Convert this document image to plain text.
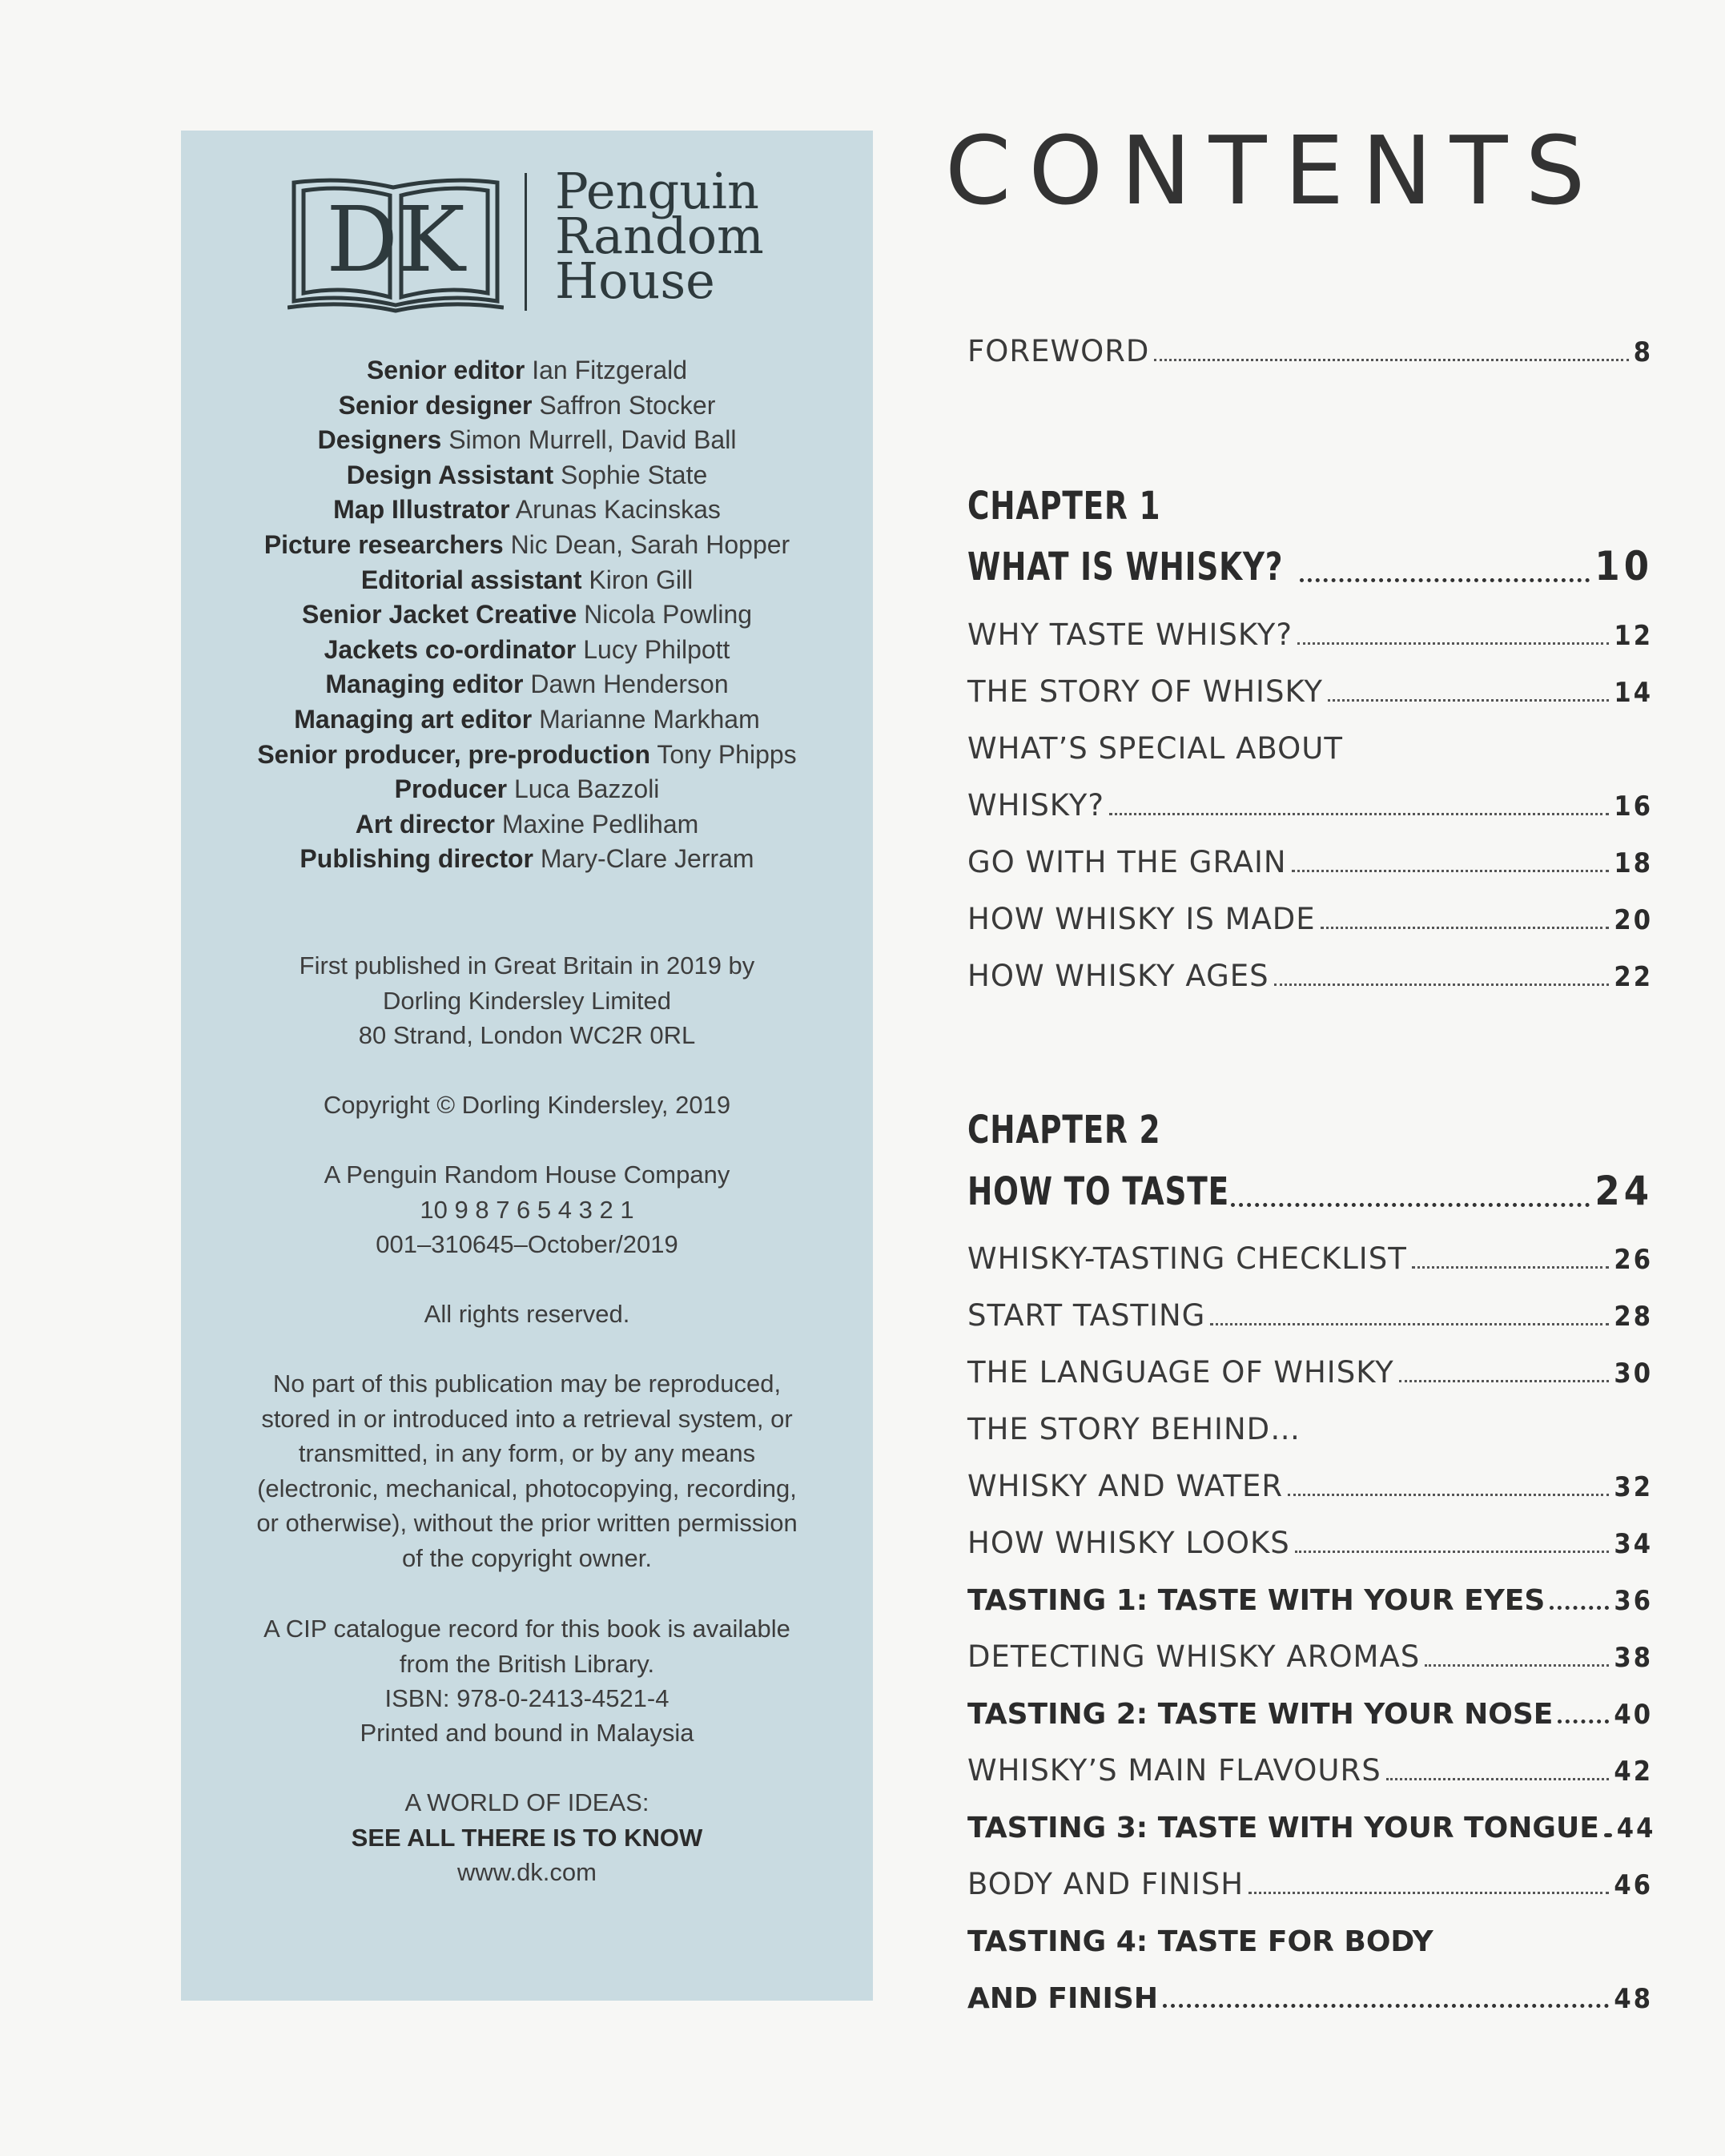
DK Penguin
Random
House
Senior editor Ian Fitzgerald
Senior designer Saffron Stocker
Designers Simon Murrell, David Ball
Design Assistant Sophie State
Map Illustrator Arunas Kacinskas
Picture researchers Nic Dean, Sarah Hopper
Editorial assistant Kiron Gill
Senior Jacket Creative Nicola Powling
Jackets co-ordinator Lucy Philpott
Managing editor Dawn Henderson
Managing art editor Marianne Markham
Senior producer, pre-production Tony Phipps
Producer Luca Bazzoli
Art director Maxine Pedliham
Publishing director Mary-Clare Jerram
First published in Great Britain in 2019 by
Dorling Kindersley Limited
80 Strand, London WC2R 0RL
Copyright © Dorling Kindersley, 2019
A Penguin Random House Company
10 9 8 7 6 5 4 3 2 1
001–310645–October/2019
All rights reserved.
No part of this publication may be reproduced,
stored in or introduced into a retrieval system, or
transmitted, in any form, or by any means
(electronic, mechanical, photocopying, recording,
or otherwise), without the prior written permission
of the copyright owner.
A CIP catalogue record for this book is available
from the British Library.
ISBN: 978-0-2413-4521-4
Printed and bound in Malaysia
A WORLD OF IDEAS:
SEE ALL THERE IS TO KNOW
www.dk.com
CONTENTS
FOREWORD	8
CHAPTER 1
WHAT IS WHISKY?	10
WHY TASTE WHISKY?	12
THE STORY OF WHISKY	14
WHAT’S SPECIAL ABOUT
WHISKY?	16
GO WITH THE GRAIN	18
HOW WHISKY IS MADE	20
HOW WHISKY AGES	22
CHAPTER 2
HOW TO TASTE	24
WHISKY-TASTING CHECKLIST	26
START TASTING	28
THE LANGUAGE OF WHISKY	30
THE STORY BEHIND…
WHISKY AND WATER	32
HOW WHISKY LOOKS	34
TASTING 1: TASTE WITH YOUR EYES	36
DETECTING WHISKY AROMAS	38
TASTING 2: TASTE WITH YOUR NOSE 40
WHISKY’S MAIN FLAVOURS	42
TASTING 3: TASTE WITH YOUR TONGUE 44
BODY AND FINISH	46
TASTING 4: TASTE FOR BODY
AND FINISH	48
